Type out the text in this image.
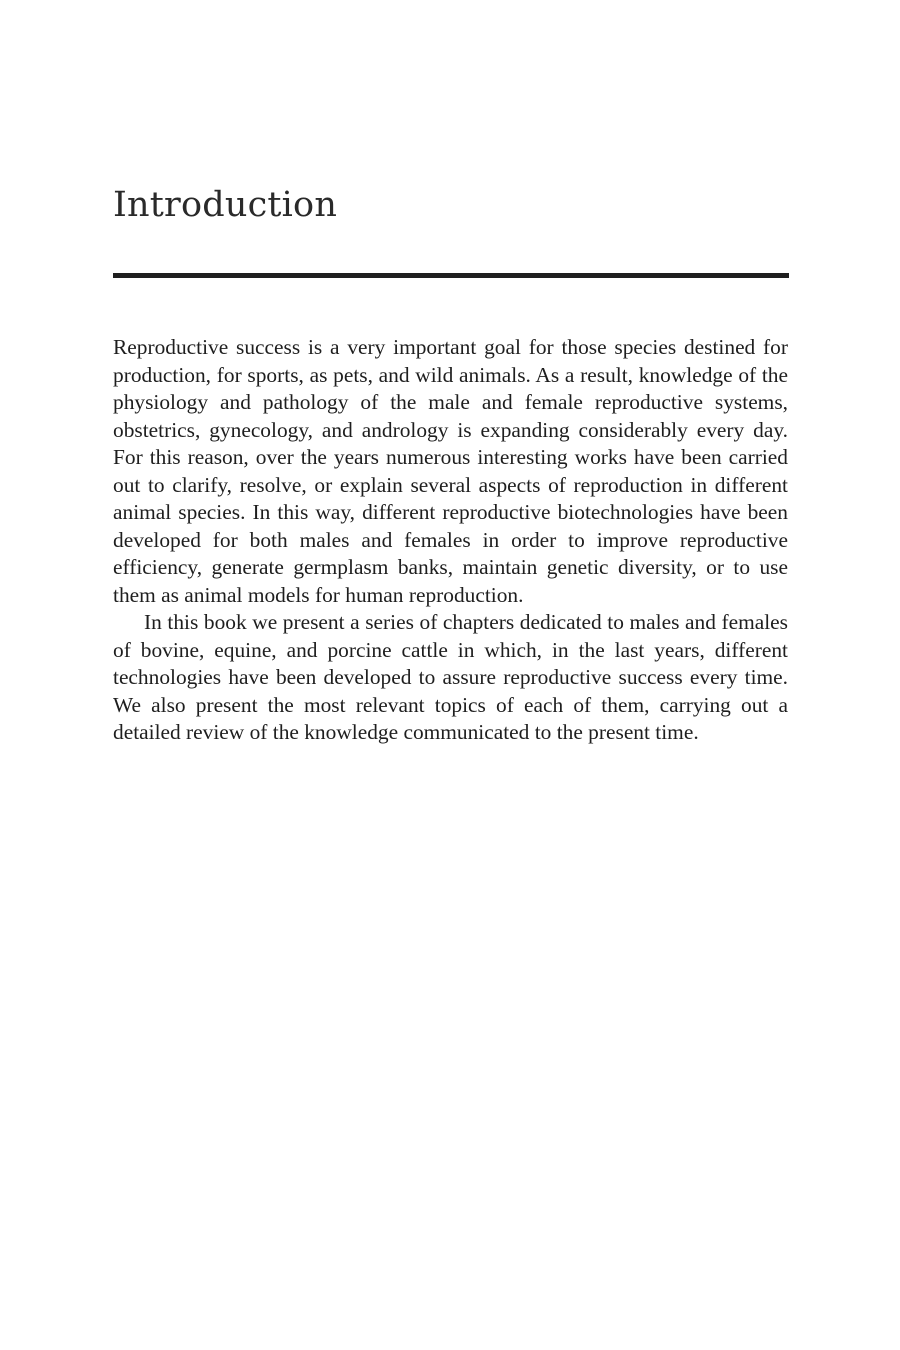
Introduction

Reproductive success is a very important goal for those species destined for production, for sports, as pets, and wild animals. As a result, knowledge of the physiology and pathology of the male and female reproductive systems, obstetrics, gynecology, and andrology is expanding considerably every day. For this reason, over the years numerous interesting works have been carried out to clarify, resolve, or explain several aspects of reproduction in different animal species. In this way, different reproductive biotechnologies have been developed for both males and females in order to improve reproductive efficiency, generate germplasm banks, maintain genetic diversity, or to use them as animal models for human reproduction.

In this book we present a series of chapters dedicated to males and females of bovine, equine, and porcine cattle in which, in the last years, different technologies have been developed to assure reproductive success every time. We also present the most relevant topics of each of them, carrying out a detailed review of the knowledge communicated to the present time.
